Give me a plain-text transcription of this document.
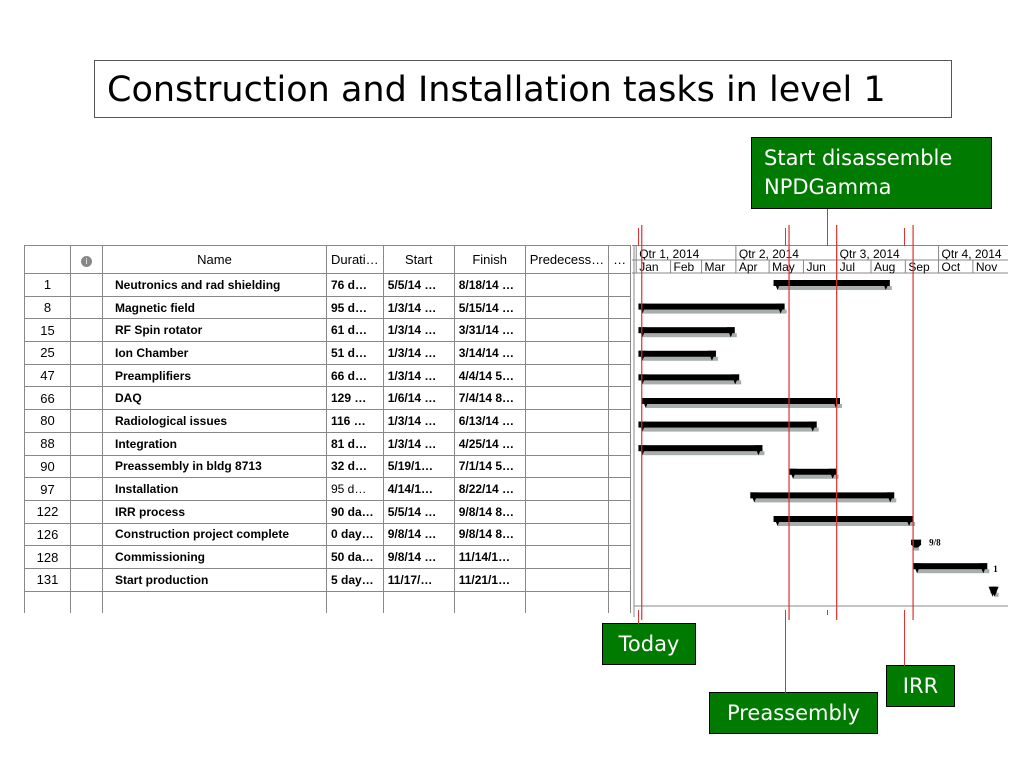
Construction and Installation tasks in level 1
Start disassemble
NPDGamma
	i	Name	Durati…	Start	Finish	Predecess…	…
1		Neutronics and rad shielding	76 d…	5/5/14 …	8/18/14 …		
8		Magnetic field	95 d…	1/3/14 …	5/15/14 …		
15		RF Spin rotator	61 d…	1/3/14 …	3/31/14 …		
25		Ion Chamber	51 d…	1/3/14 …	3/14/14 …		
47		Preamplifiers	66 d…	1/3/14 …	4/4/14 5…		
66		DAQ	129 …	1/6/14 …	7/4/14 8…		
80		Radiological issues	116 …	1/3/14 …	6/13/14 …		
88		Integration	81 d…	1/3/14 …	4/25/14 …		
90		Preassembly in bldg 8713	32 d…	5/19/1…	7/1/14 5…		
97		Installation	95 d…	4/14/1…	8/22/14 …		
122		IRR process	90 da…	5/5/14 …	9/8/14 8…		
126		Construction project complete	0 day…	9/8/14 …	9/8/14 8…		
128		Commissioning	50 da…	9/8/14 …	11/14/1…		
131		Start production	5 day…	11/17/…	11/21/1…		

Qtr 1, 2014	Qtr 2, 2014	Qtr 3, 2014	Qtr 4, 2014
Jan Feb Mar Apr May Jun Jul Aug Sep Oct Nov
9/8
1
Today
Preassembly
IRR
